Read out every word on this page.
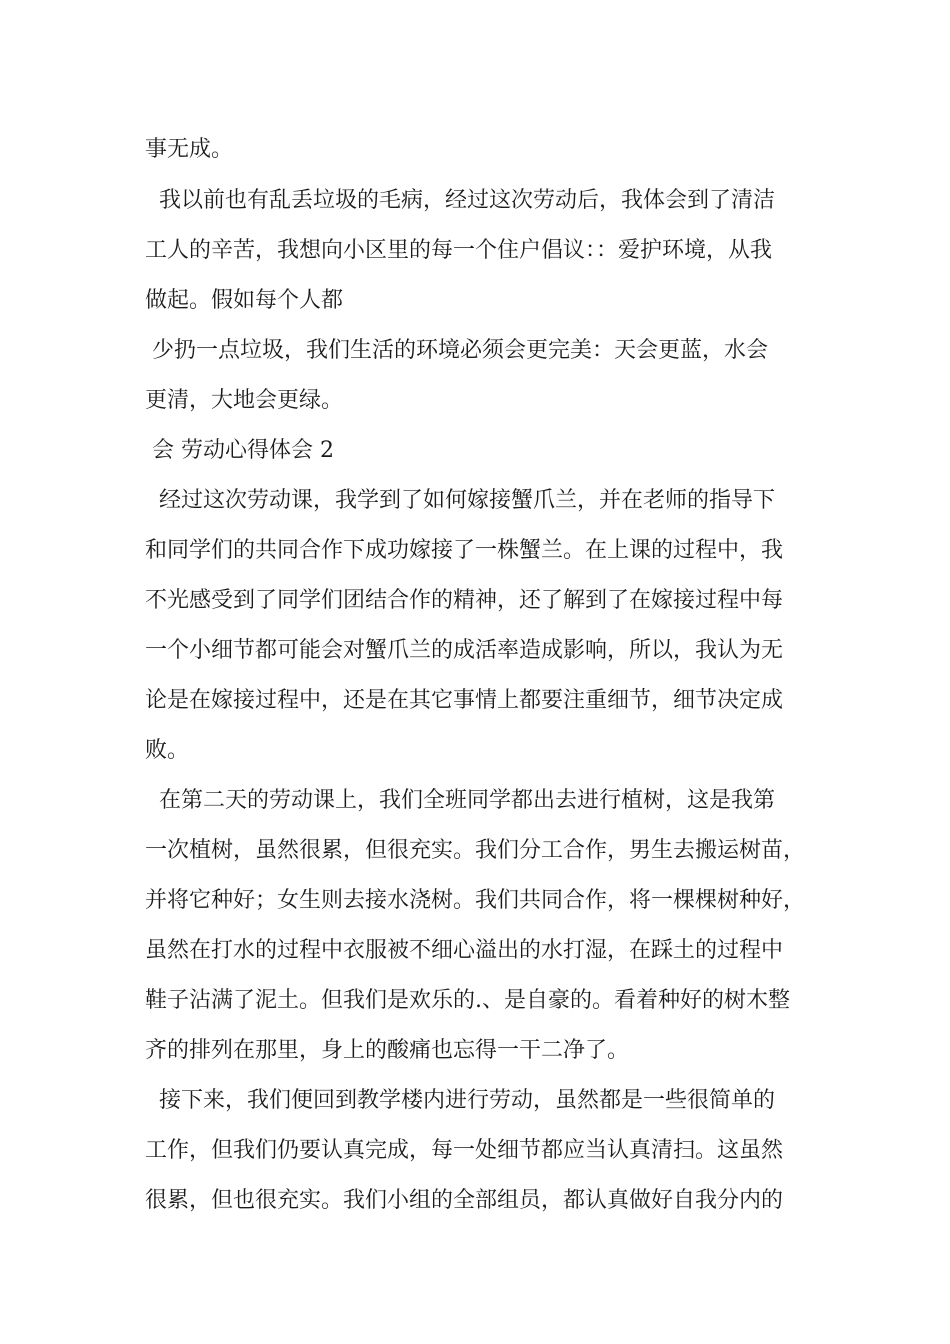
事无成。

我以前也有乱丢垃圾的毛病，经过这次劳动后，我体会到了清洁

工人的辛苦，我想向小区里的每一个住户倡议：：爱护环境，从我

做起。假如每个人都

少扔一点垃圾，我们生活的环境必须会更完美：天会更蓝，水会

更清，大地会更绿。

会 劳动心得体会 2

经过这次劳动课，我学到了如何嫁接蟹爪兰，并在老师的指导下

和同学们的共同合作下成功嫁接了一株蟹兰。在上课的过程中，我

不光感受到了同学们团结合作的精神，还了解到了在嫁接过程中每

一个小细节都可能会对蟹爪兰的成活率造成影响，所以，我认为无

论是在嫁接过程中，还是在其它事情上都要注重细节，细节决定成

败。

在第二天的劳动课上，我们全班同学都出去进行植树，这是我第

一次植树，虽然很累，但很充实。我们分工合作，男生去搬运树苗，

并将它种好；女生则去接水浇树。我们共同合作，将一棵棵树种好，

虽然在打水的过程中衣服被不细心溢出的水打湿，在踩土的过程中

鞋子沾满了泥土。但我们是欢乐的.、是自豪的。看着种好的树木整

齐的排列在那里，身上的酸痛也忘得一干二净了。

接下来，我们便回到教学楼内进行劳动，虽然都是一些很简单的

工作，但我们仍要认真完成，每一处细节都应当认真清扫。这虽然

很累，但也很充实。我们小组的全部组员，都认真做好自我分内的
